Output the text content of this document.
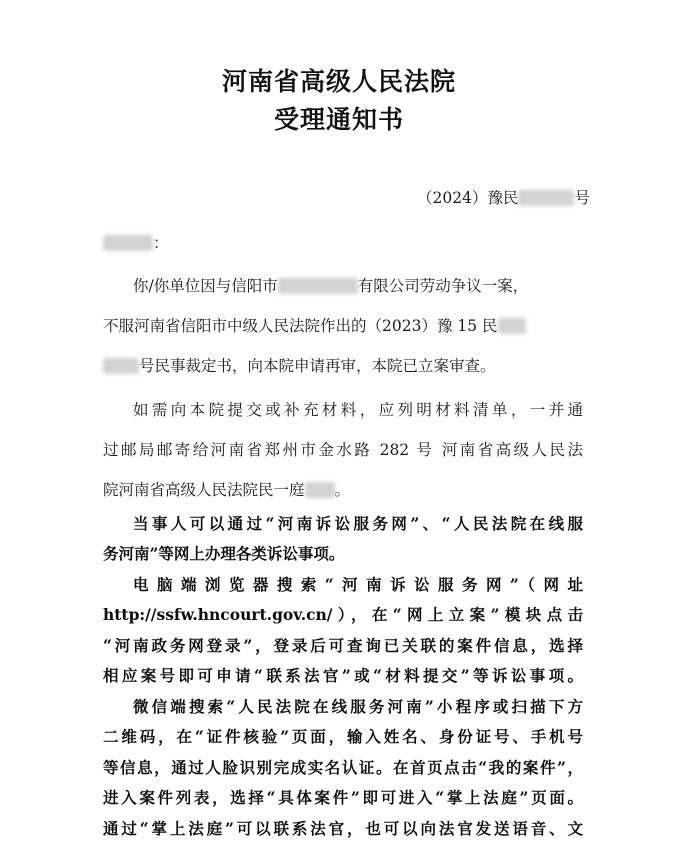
河南省高级人民法院
受理通知书
（2024）豫民	号
：
你/你单位因与信阳市	有限公司劳动争议一案，
不服河南省信阳市中级人民法院作出的（2023）豫 15 民
号民事裁定书，向本院申请再审，本院已立案审查。
如需向本院提交或补充材料，应列明材料清单，一并通
过邮局邮寄给河南省郑州市金水路 282 号 河南省高级人民法
院河南省高级人民法院民一庭 。
当事人可以通过“河南诉讼服务网”、“人民法院在线服
务河南”等网上办理各类诉讼事项。
电脑端浏览器搜索“河南诉讼服务网”（网址
http://ssfw.hncourt.gov.cn/），在“网上立案”模块点击
“河南政务网登录”，登录后可查询已关联的案件信息，选择
相应案号即可申请“联系法官”或“材料提交”等诉讼事项。
微信端搜索“人民法院在线服务河南”小程序或扫描下方
二维码，在“证件核验”页面，输入姓名、身份证号、手机号
等信息，通过人脸识别完成实名认证。在首页点击“我的案件”，
进入案件列表，选择“具体案件”即可进入“掌上法庭”页面。
通过“掌上法庭”可以联系法官，也可以向法官发送语音、文
